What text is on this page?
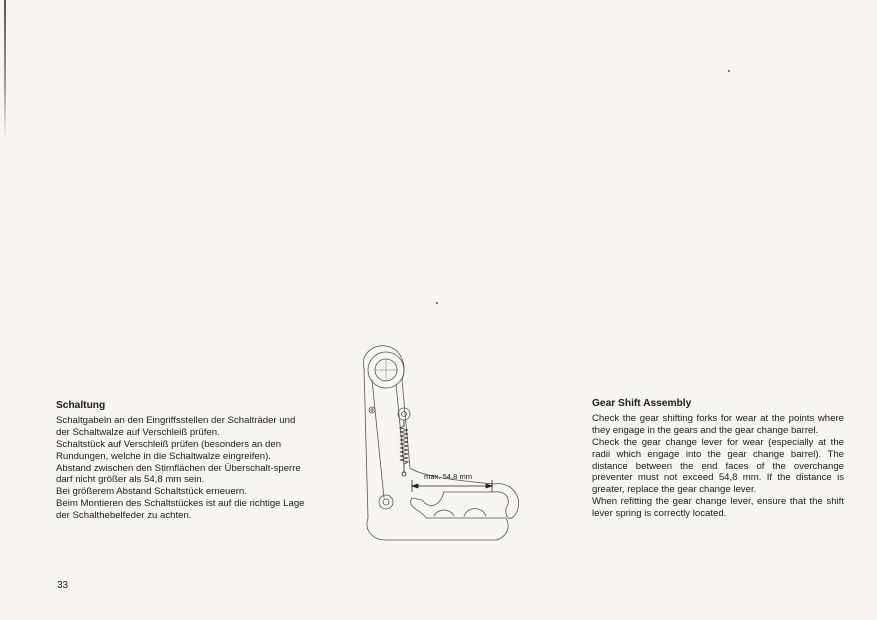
Schaltung

Schaltgabeln an den Eingriffsstellen der Schalträder und der Schaltwalze auf Verschleiß prüfen.

Schaltstück auf Verschleiß prüfen (besonders an den Rundungen, welche in die Schaltwalze eingreifen).

Abstand zwischen den Stirnflächen der Überschalt-sperre darf nicht größer als 54,8 mm sein.

Bei größerem Abstand Schaltstück erneuern.

Beim Montieren des Schaltstückes ist auf die richtige Lage der Schalthebelfeder zu achten.

max. 54,8 mm
Gear Shift Assembly

Check the gear shifting forks for wear at the points where they engage in the gears and the gear change barrel.

Check the gear change lever for wear (especially at the radii which engage into the gear change barrel). The distance between the end faces of the overchange preventer must not exceed 54,8 mm. If the distance is greater, replace the gear change lever.

When refitting the gear change lever, ensure that the shift lever spring is correctly located.

33
